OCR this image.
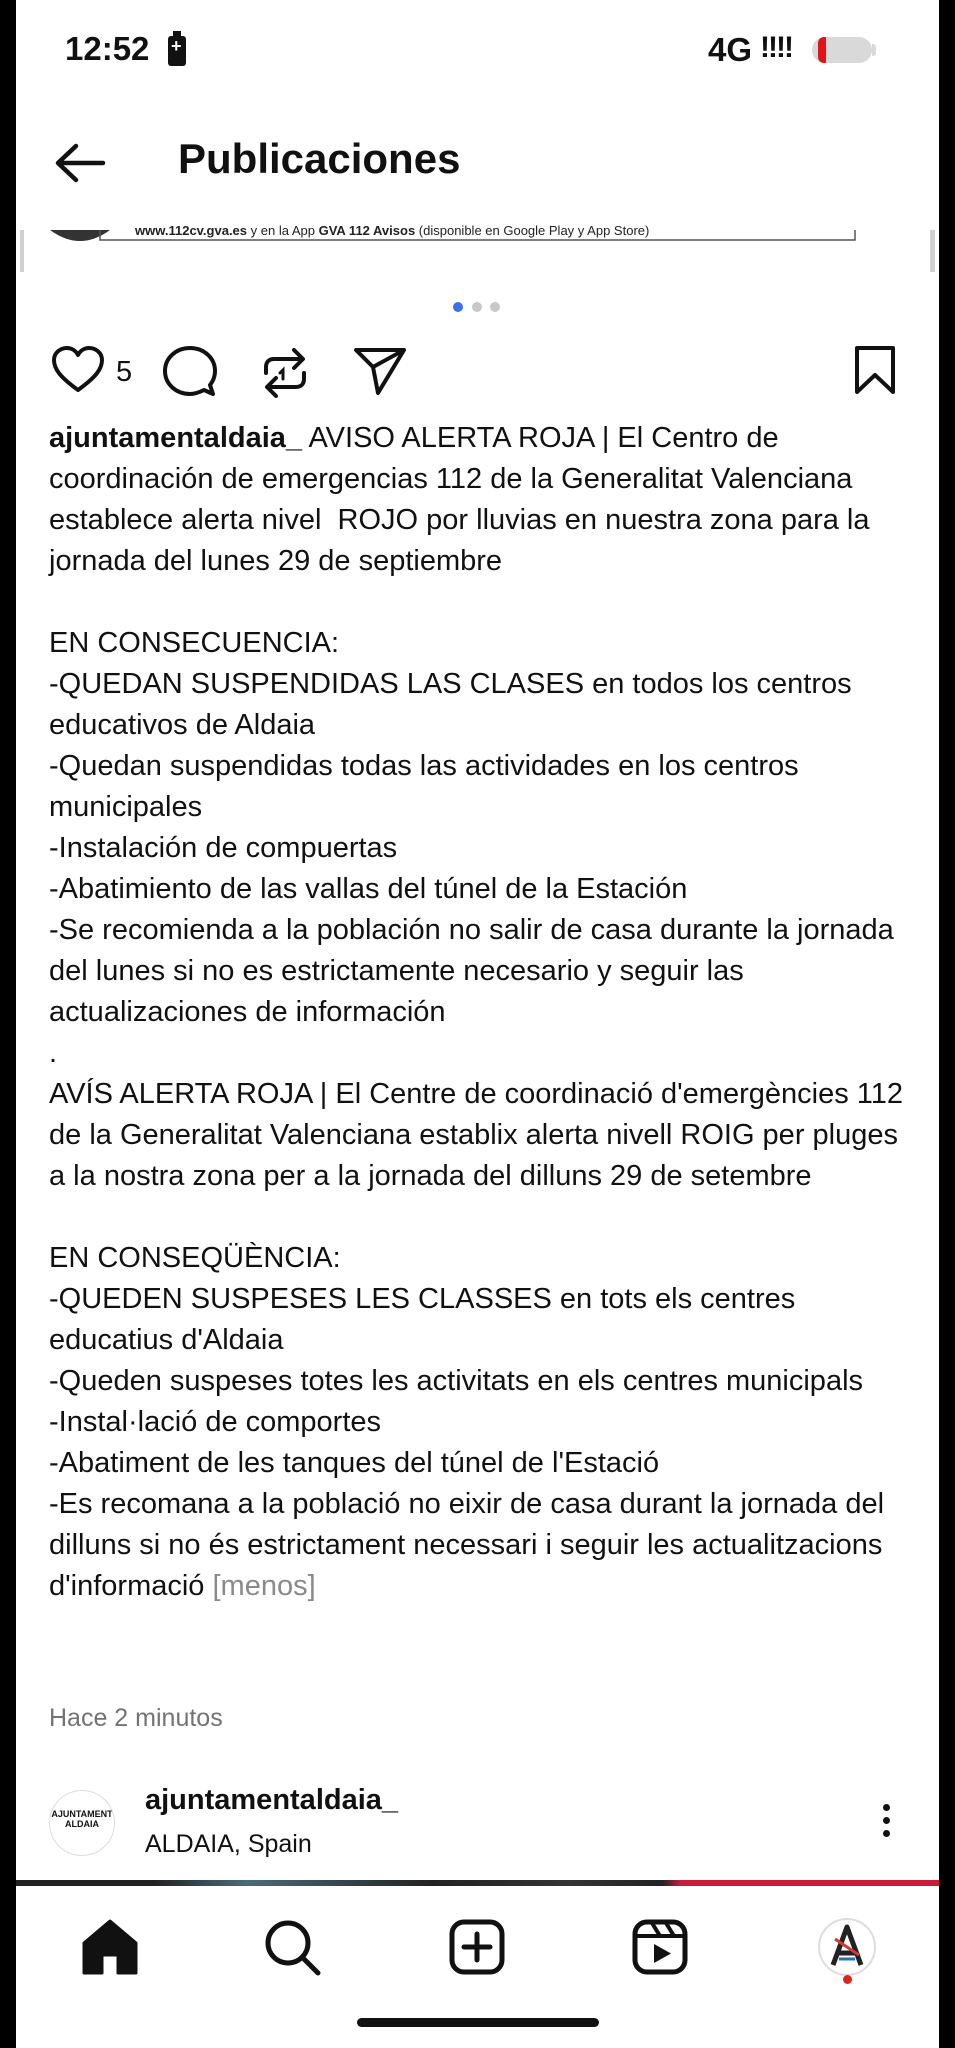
12:52
+	4G !!!!
Publicaciones
www.112cv.gva.es y en la App GVA 112 Avisos (disponible en Google Play y App Store)
5
ajuntamentaldaia_ AVISO ALERTA ROJA | El Centro de coordinación de emergencias 112 de la Generalitat Valenciana establece alerta nivel  ROJO por lluvias en nuestra zona para la jornada del lunes 29 de septiembre

EN CONSECUENCIA:
-QUEDAN SUSPENDIDAS LAS CLASES en todos los centros educativos de Aldaia
-Quedan suspendidas todas las actividades en los centros municipales
-Instalación de compuertas
-Abatimiento de las vallas del túnel de la Estación
-Se recomienda a la población no salir de casa durante la jornada del lunes si no es estrictamente necesario y seguir las actualizaciones de información
.
AVÍS ALERTA ROJA | El Centre de coordinació d'emergències 112 de la Generalitat Valenciana establix alerta nivell ROIG per pluges a la nostra zona per a la jornada del dilluns 29 de setembre

EN CONSEQÜÈNCIA:
-QUEDEN SUSPESES LES CLASSES en tots els centres educatius d'Aldaia
-Queden suspeses totes les activitats en els centres municipals
-Instal·lació de comportes
-Abatiment de les tanques del túnel de l'Estació
-Es recomana a la població no eixir de casa durant la jornada del dilluns si no és estrictament necessari i seguir les actualitzacions d'informació [menos]
Hace 2 minutos
AJUNTAMENT ALDAIA
ajuntamentaldaia_
ALDAIA, Spain
